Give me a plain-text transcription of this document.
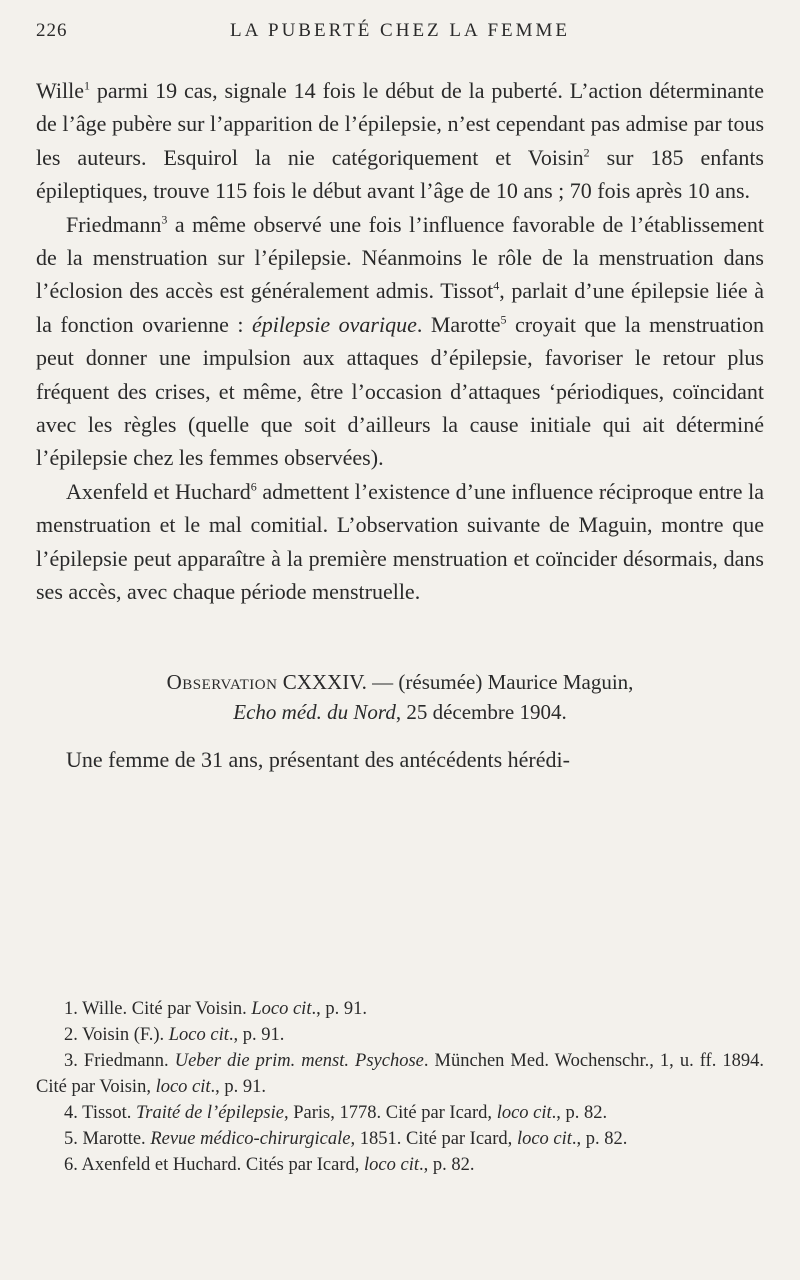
226	LA PUBERTÉ CHEZ LA FEMME

Wille$^1$ parmi 19 cas, signale 14 fois le début de la puberté. L’action déterminante de l’âge pubère sur l’apparition de l’épilepsie, n’est cependant pas admise par tous les auteurs. Esquirol la nie catégoriquement et Voisin$^2$ sur 185 enfants épileptiques, trouve 115 fois le début avant l’âge de 10 ans ; 70 fois après 10 ans.

Friedmann$^3$ a même observé une fois l’influence favorable de l’établissement de la menstruation sur l’épilepsie. Néanmoins le rôle de la menstruation dans l’éclosion des accès est généralement admis. Tissot$^4$, parlait d’une épilepsie liée à la fonction ovarienne : épilepsie ovarique. Marotte$^5$ croyait que la menstruation peut donner une impulsion aux attaques d’épilepsie, favoriser le retour plus fréquent des crises, et même, être l’occasion d’attaques ‘périodiques, coïncidant avec les règles (quelle que soit d’ailleurs la cause initiale qui ait déterminé l’épilepsie chez les femmes observées).

Axenfeld et Huchard$^6$ admettent l’existence d’une influence réciproque entre la menstruation et le mal comitial. L’observation suivante de Maguin, montre que l’épilepsie peut apparaître à la première menstruation et coïncider désormais, dans ses accès, avec chaque période menstruelle.

Observation CXXXIV. — (résumée) Maurice Maguin,
Echo méd. du Nord, 25 décembre 1904.

Une femme de 31 ans, présentant des antécédents hérédi-

1. Wille. Cité par Voisin. Loco cit., p. 91.

2. Voisin (F.). Loco cit., p. 91.

3. Friedmann. Ueber die prim. menst. Psychose. München Med. Wochenschr., 1, u. ff. 1894. Cité par Voisin, loco cit., p. 91.

4. Tissot. Traité de l’épilepsie, Paris, 1778. Cité par Icard, loco cit., p. 82.

5. Marotte. Revue médico-chirurgicale, 1851. Cité par Icard, loco cit., p. 82.

6. Axenfeld et Huchard. Cités par Icard, loco cit., p. 82.
